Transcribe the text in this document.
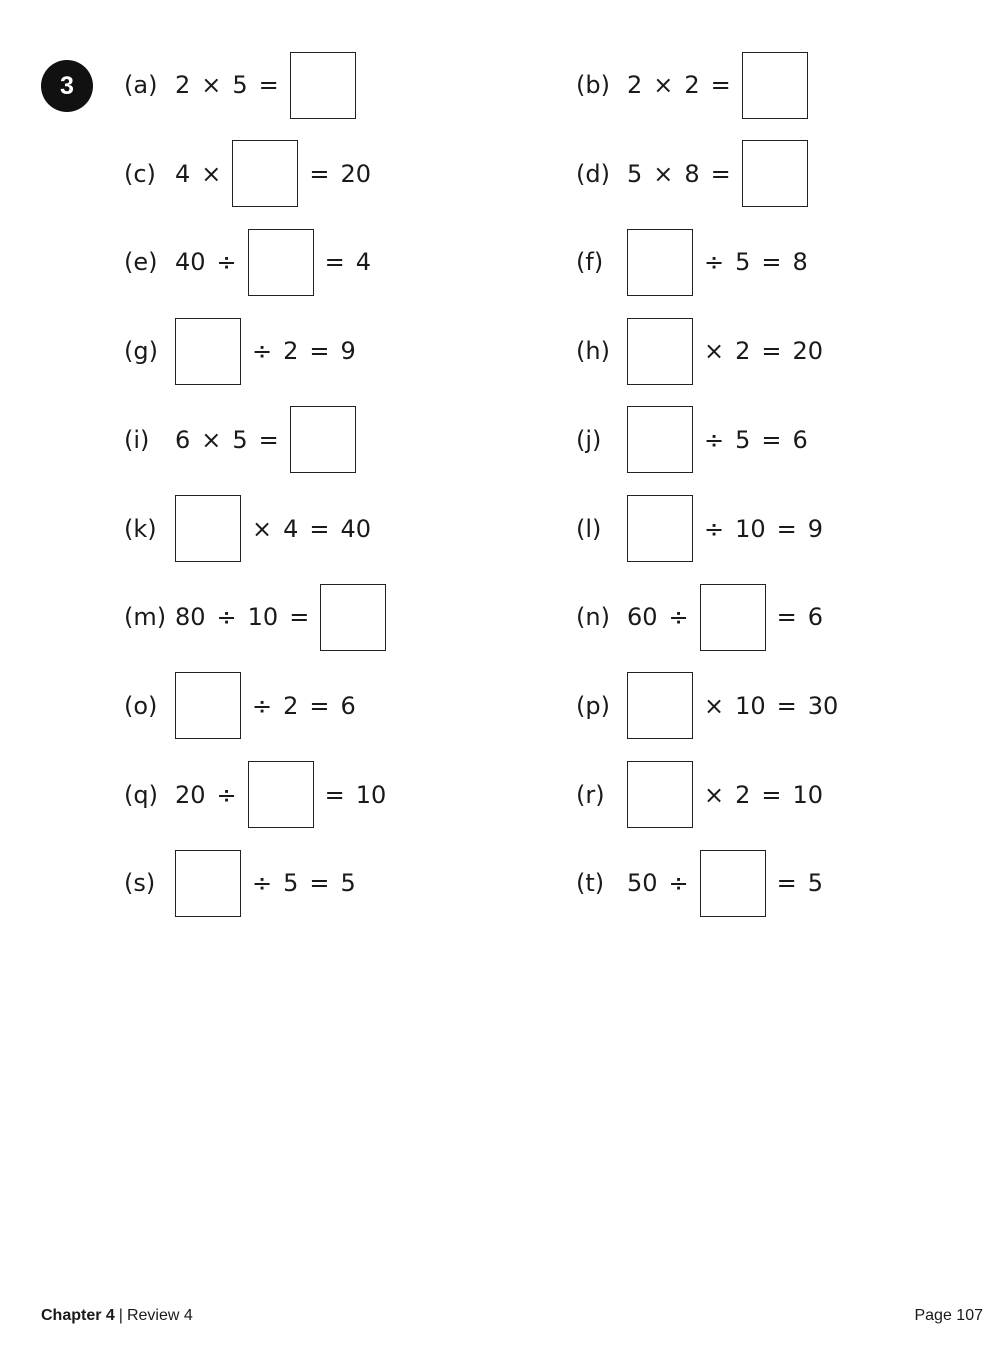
3	(a) 2 × 5 =	(b) 2 × 2 =
(c) 4 ×	= 20	(d) 5 × 8 =
(e) 40 ÷	= 4	(f)	÷ 5 = 8
(g)	÷ 2 = 9	(h)	× 2 = 20
(i)	6 × 5 =	(j)	÷ 5 = 6
(k)	× 4 = 40	(l)	÷ 10 = 9
(m) 80 ÷ 10 =	(n) 60 ÷	= 6
(o)	÷ 2 = 6	(p)	× 10 = 30
(q) 20 ÷	= 10	(r)	× 2 = 10
(s)	÷ 5 = 5	(t) 50 ÷	= 5
Chapter 4 | Review 4	Page 107
